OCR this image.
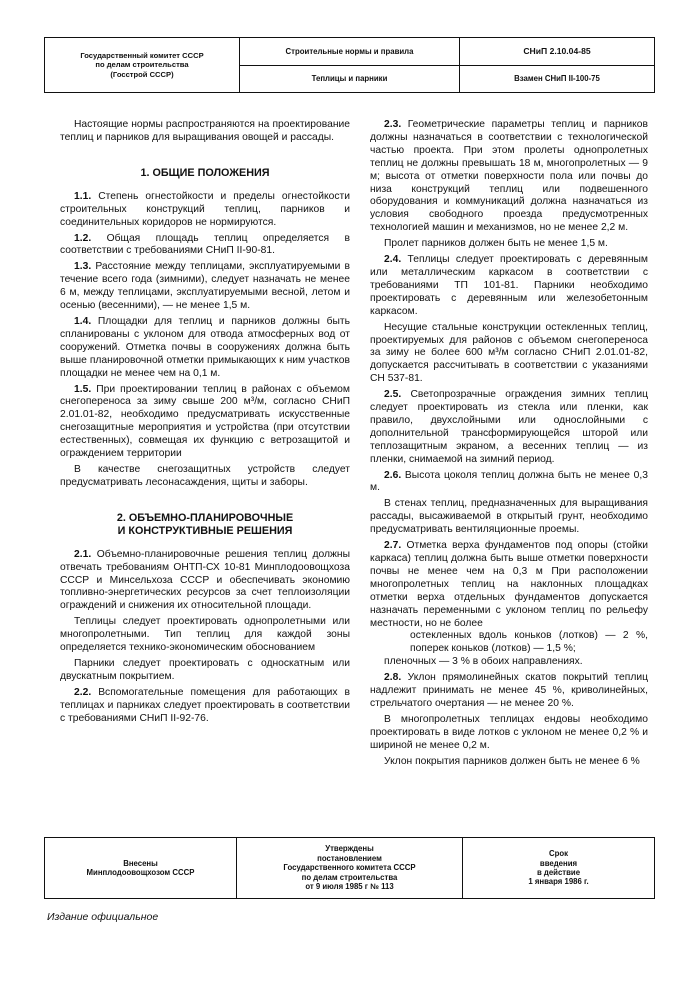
Государственный комитет СССР
по делам строительства
(Госстрой СССР)
Строительные нормы и правила
Теплицы и парники
СНиП 2.10.04-85
Взамен СНиП II-100-75

Настоящие нормы распространяются на проектирование теплиц и парников для выращивания овощей и рассады.

1. ОБЩИЕ ПОЛОЖЕНИЯ

1.1. Степень огнестойкости и пределы огнестойкости строительных конструкций теплиц, парников и соединительных коридоров не нормируются.

1.2. Общая площадь теплиц определяется в соответствии с требованиями СНиП II-90-81.

1.3. Расстояние между теплицами, эксплуатируемыми в течение всего года (зимними), следует назначать не менее 6 м, между теплицами, эксплуатируемыми весной, летом и осенью (весенними), — не менее 1,5 м.

1.4. Площадки для теплиц и парников должны быть спланированы с уклоном для отвода атмосферных вод от сооружений. Отметка почвы в сооружениях должна быть выше планировочной отметки примыкающих к ним участков площадки не менее чем на 0,1 м.

1.5. При проектировании теплиц в районах с объемом снегопереноса за зиму свыше 200 м³/м, согласно СНиП 2.01.01-82, необходимо предусматривать искусственные снегозащитные мероприятия и устройства (при отсутствии естественных), совмещая их функцию с ветрозащитой и ограждением территории

В качестве снегозащитных устройств следует предусматривать лесонасаждения, щиты и заборы.

2. ОБЪЕМНО-ПЛАНИРОВОЧНЫЕ
И КОНСТРУКТИВНЫЕ РЕШЕНИЯ

2.1. Объемно-планировочные решения теплиц должны отвечать требованиям ОНТП-СХ 10-81 Минплодоовощхоза СССР и Минсельхоза СССР и обеспечивать экономию топливно-энергетических ресурсов за счет теплоизоляции ограждений и снижения их относительной площади.

Теплицы следует проектировать однопролетными или многопролетными. Тип теплиц для каждой зоны определяется технико-экономическим обоснованием

Парники следует проектировать с односкатным или двускатным покрытием.

2.2. Вспомогательные помещения для работающих в теплицах и парниках следует проектировать в соответствии с требованиями СНиП II-92-76.

2.3. Геометрические параметры теплиц и парников должны назначаться в соответствии с технологической частью проекта. При этом пролеты однопролетных теплиц не должны превышать 18 м, многопролетных — 9 м; высота от отметки поверхности пола или почвы до низа конструкций теплиц или подвешенного оборудования и коммуникаций должна назначаться из условия свободного проезда предусмотренных технологией машин и механизмов, но не менее 2,2 м.

Пролет парников должен быть не менее 1,5 м.

2.4. Теплицы следует проектировать с деревянным или металлическим каркасом в соответствии с требованиями ТП 101-81. Парники необходимо проектировать с деревянным или железобетонным каркасом.

Несущие стальные конструкции остекленных теплиц, проектируемых для районов с объемом снегопереноса за зиму не более 600 м³/м согласно СНиП 2.01.01-82, допускается рассчитывать в соответствии с указаниями СН 537-81.

2.5. Светопрозрачные ограждения зимних теплиц следует проектировать из стекла или пленки, как правило, двухслойными или однослойными с дополнительной трансформирующейся шторой или теплозащитным экраном, а весенних теплиц — из пленки, снимаемой на зимний период.

2.6. Высота цоколя теплиц должна быть не менее 0,3 м.

В стенах теплиц, предназначенных для выращивания рассады, высаживаемой в открытый грунт, необходимо предусматривать вентиляционные проемы.

2.7. Отметка верха фундаментов под опоры (стойки каркаса) теплиц должна быть выше отметки поверхности почвы не менее чем на 0,3 м При расположении многопролетных теплиц на наклонных площадках отметки верха отдельных фундаментов допускается назначать переменными с уклоном теплиц по рельефу местности, но не более

остекленных вдоль коньков (лотков) — 2 %, поперек коньков (лотков) — 1,5 %;

пленочных — 3 % в обоих направлениях.

2.8. Уклон прямолинейных скатов покрытий теплиц надлежит принимать не менее 45 %, криволинейных, стрельчатого очертания — не менее 20 %.

В многопролетных теплицах ендовы необходимо проектировать в виде лотков с уклоном не менее 0,2 % и шириной не менее 0,2 м.

Уклон покрытия парников должен быть не менее 6 %

Внесены
Минплодоовощхозом СССР
Утверждены
постановлением
Государственного комитета СССР
по делам строительства
от 9 июля 1985 г № 113
Срок
введения
в действие
1 января 1986 г.
Издание официальное
